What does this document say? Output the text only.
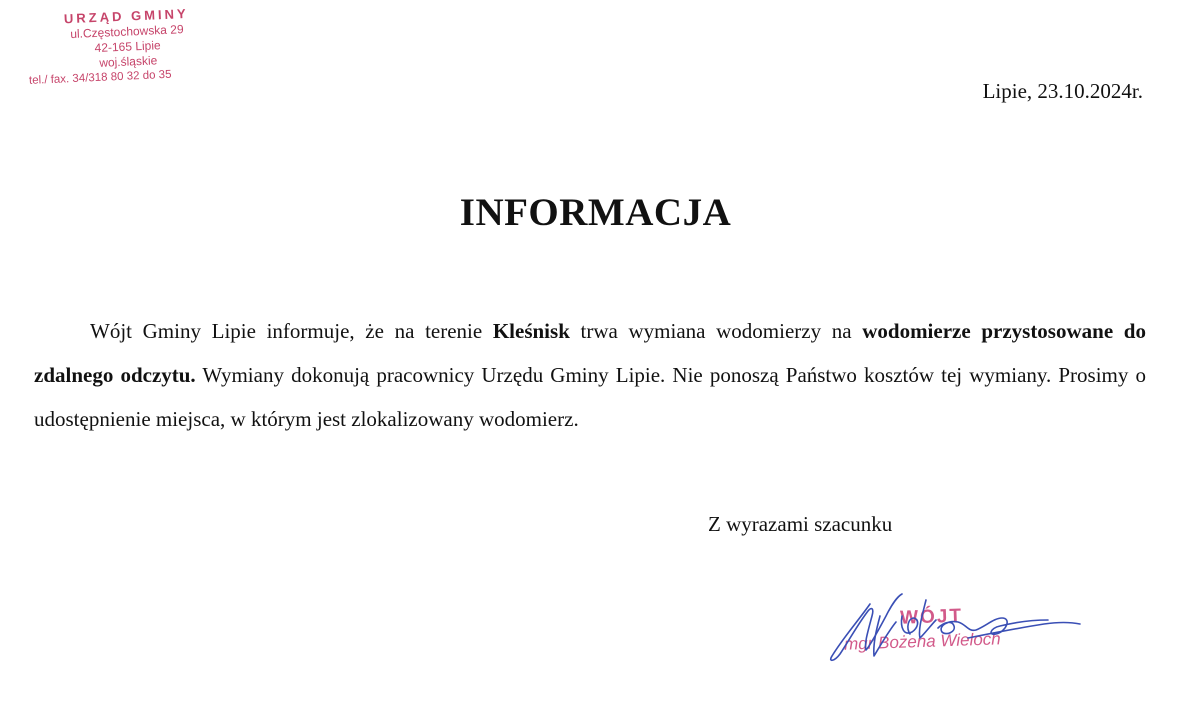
URZĄD GMINY
ul.Częstochowska 29
42-165 Lipie
woj.śląskie
tel./ fax. 34/318 80 32 do 35
Lipie, 23.10.2024r.
INFORMACJA

Wójt Gminy Lipie informuje, że na terenie Kleśnisk trwa wymiana wodomierzy na wodomierze przystosowane do zdalnego odczytu. Wymiany dokonują pracownicy Urzędu Gminy Lipie. Nie ponoszą Państwo kosztów tej wymiany. Prosimy o udostępnienie miejsca, w którym jest zlokalizowany wodomierz.

Z wyrazami szacunku
WÓJT
mgr Bożena Wieloch
